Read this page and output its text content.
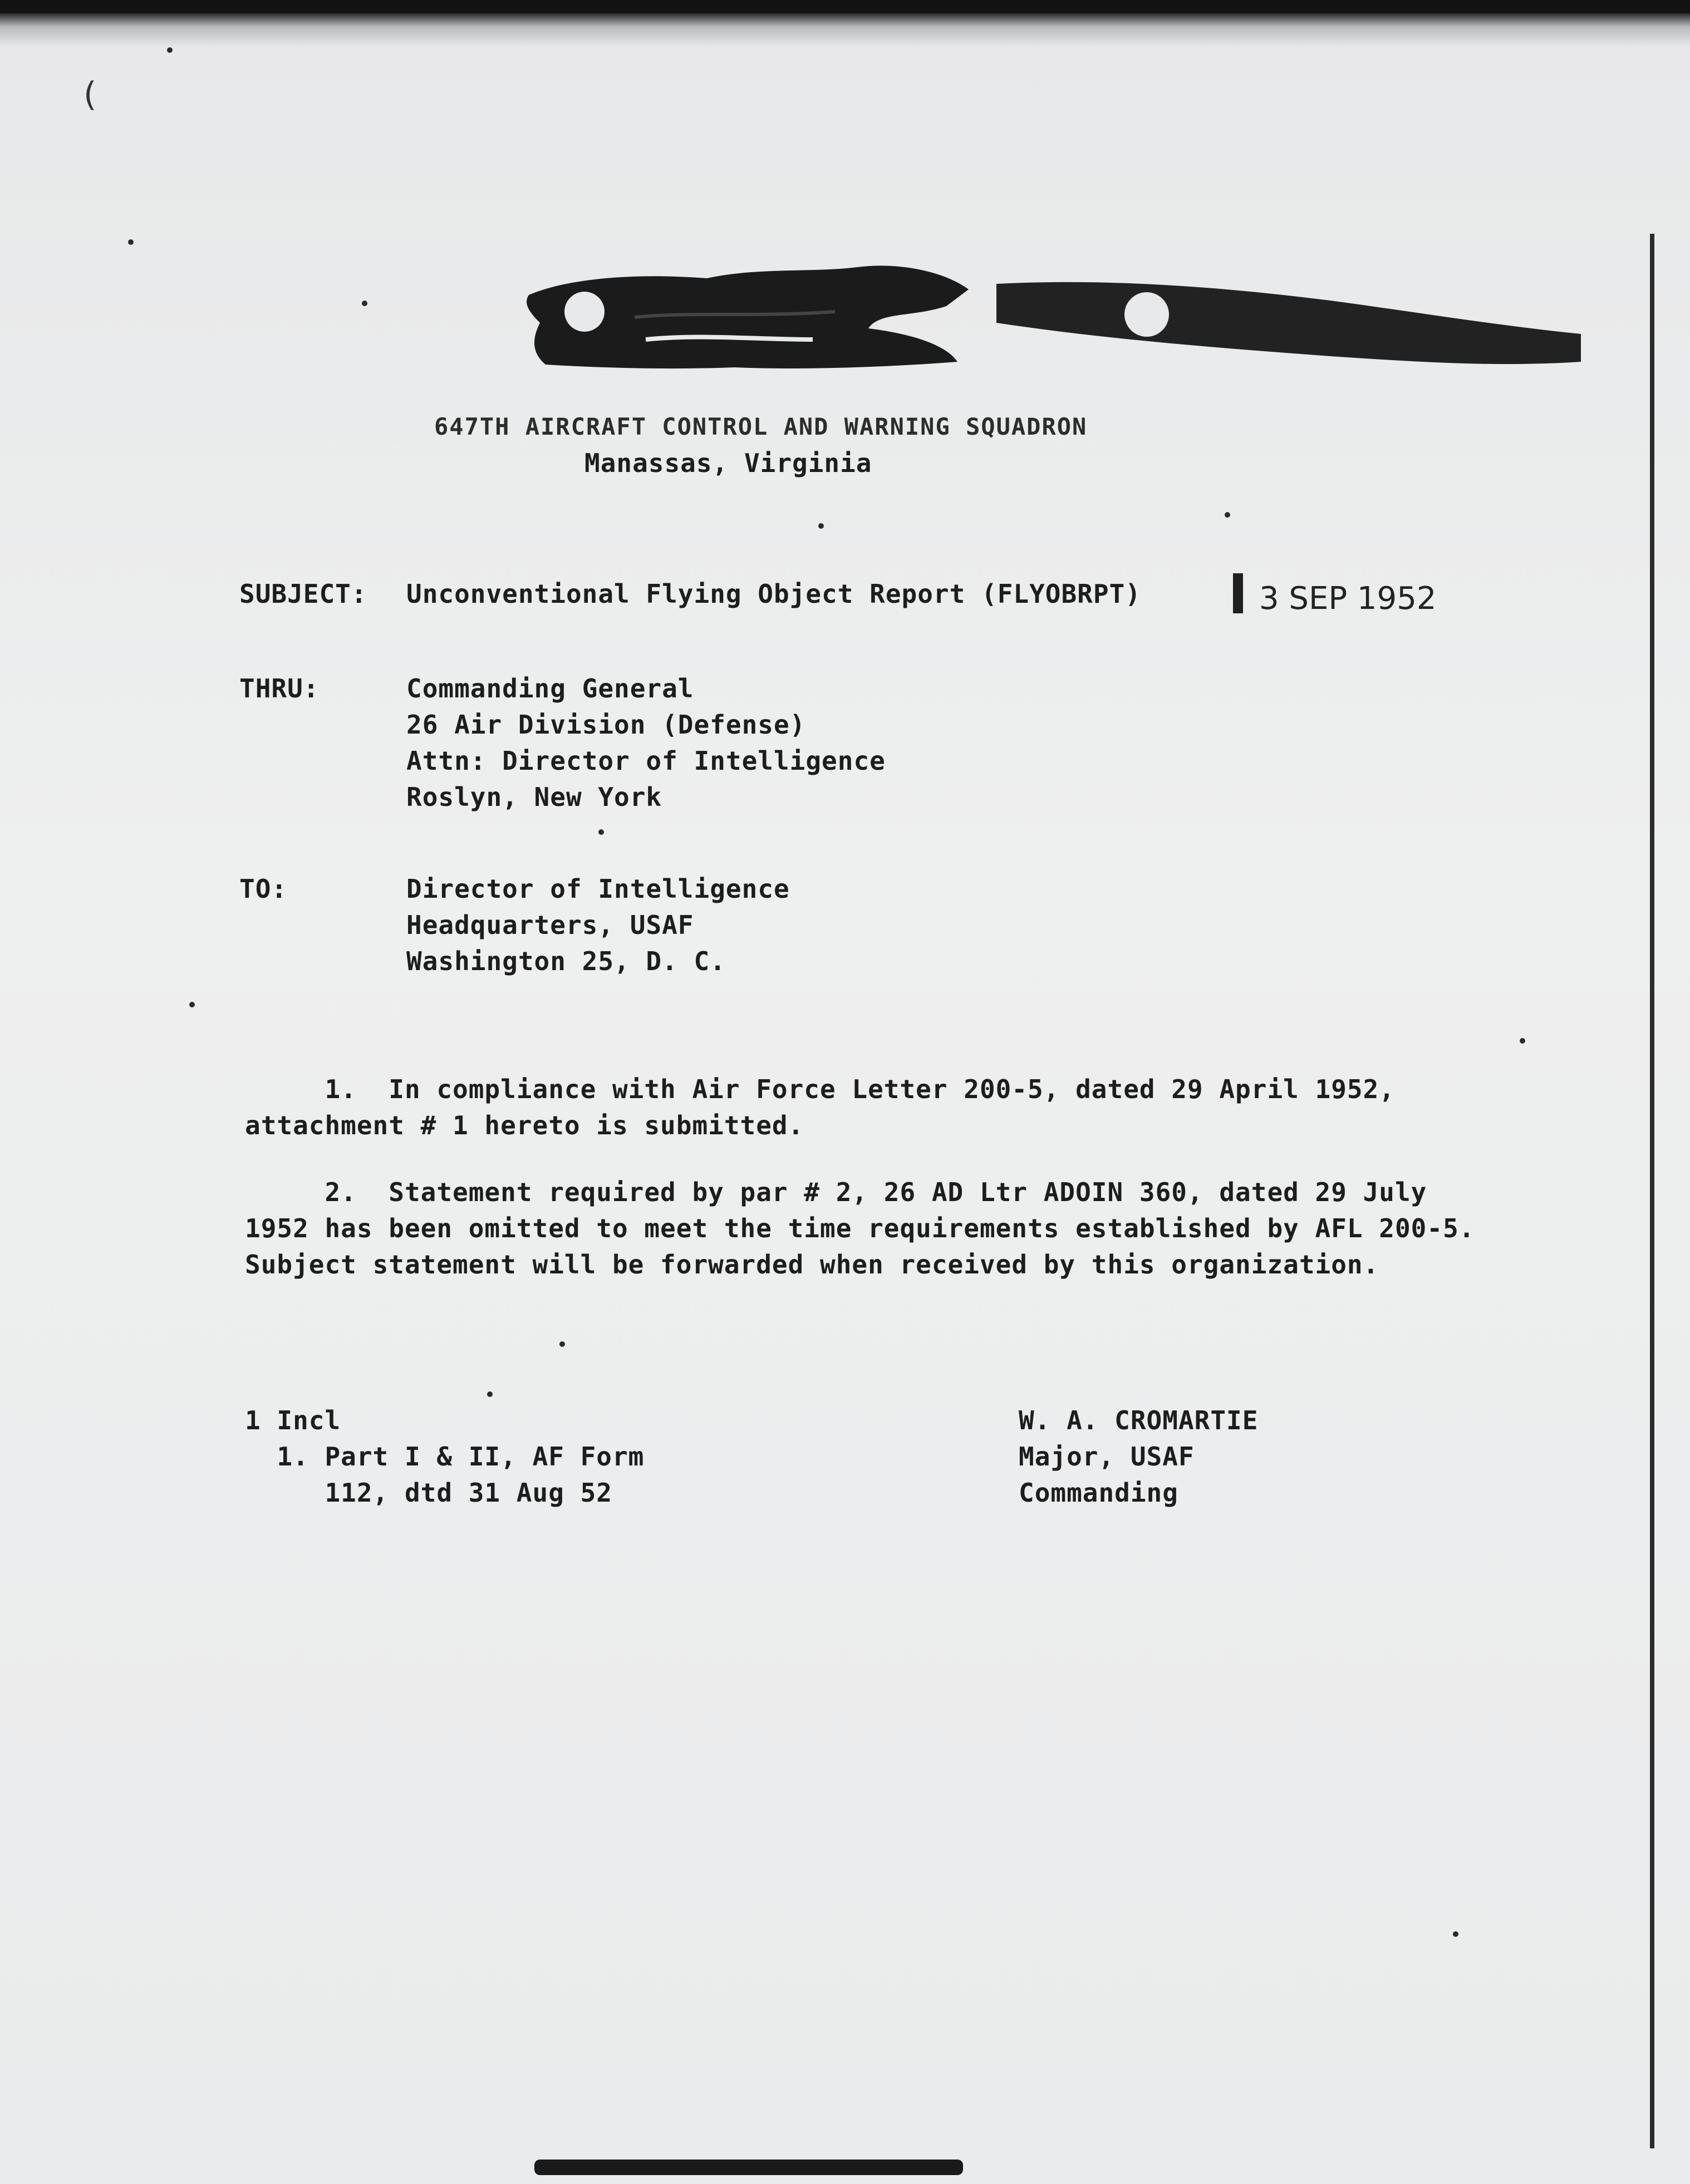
647TH AIRCRAFT CONTROL AND WARNING SQUADRON
Manassas, Virginia
SUBJECT: Unconventional Flying Object Report (FLYOBRPT)	3 SEP 1952
THRU:	Commanding General
26 Air Division (Defense)
Attn: Director of Intelligence
Roslyn, New York
TO:	Director of Intelligence
Headquarters, USAF
Washington 25, D. C.
1.  In compliance with Air Force Letter 200-5, dated 29 April 1952,
attachment # 1 hereto is submitted.
2.  Statement required by par # 2, 26 AD Ltr ADOIN 360, dated 29 July
1952 has been omitted to meet the time requirements established by AFL 200-5.
Subject statement will be forwarded when received by this organization.
1 Incl
1. Part I & II, AF Form
112, dtd 31 Aug 52
W. A. CROMARTIE
Major, USAF
Commanding
(
